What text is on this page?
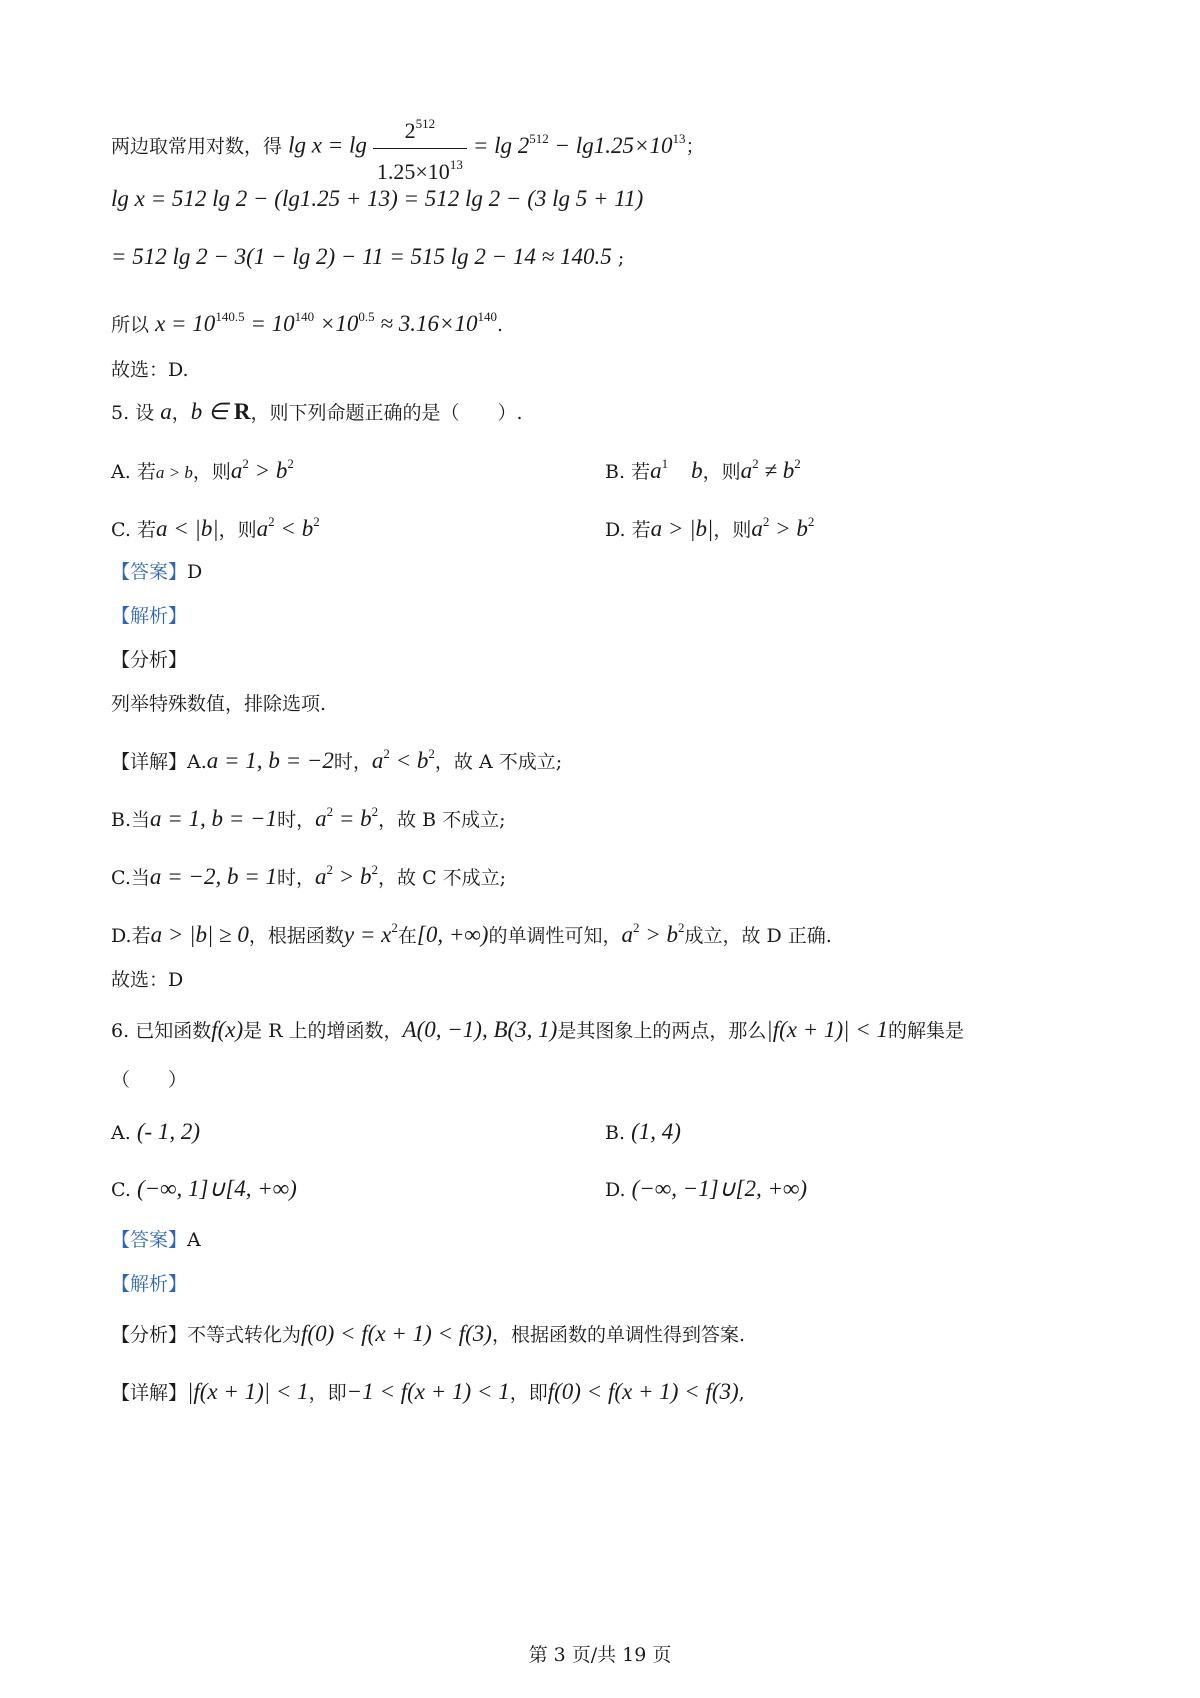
两边取常用对数，得 $\lg x = \lg \frac{2^{512}}{1.25\times 10^{13}} = \lg 2^{512} - \lg 1.25\times 10^{13}$；
lg x = 512 lg 2 − (lg1.25 + 13) = 512 lg 2 − (3 lg 5 + 11)
= 512 lg 2 − 3(1 − lg 2) − 11 = 515 lg 2 − 14 ≈ 140.5 ;
所以 $x = 10^{140.5} = 10^{140} \times 10^{0.5} \approx 3.16\times 10^{140}$.
故选：D.
5. 设 a，b ∈ R，则下列命题正确的是（　　）.
A. 若a > b，则$a^2 > b^2$	B. 若$a^1$　 b，则$a^2 \ne b^2$
C. 若a < |b|，则$a^2 < b^2$	D. 若a > |b|，则$a^2 > b^2$
【答案】D
【解析】
【分析】
列举特殊数值，排除选项.
【详解】A.a = 1, b = −2时，$a^2 < b^2$，故 A 不成立;
B.当a = 1, b = −1时，$a^2 = b^2$，故 B 不成立;
C.当a = −2, b = 1时，$a^2 > b^2$，故 C 不成立;
D.若a > |b| ≥ 0，根据函数$y = x^2$在[0, +∞)的单调性可知，$a^2 > b^2$成立，故 D 正确.
故选：D
6. 已知函数f(x)是 R 上的增函数，A(0, −1), B(3, 1)是其图象上的两点，那么|f(x + 1)| < 1的解集是
（　　）
A. (- 1, 2)	B. (1, 4)
C. (−∞, 1]∪[4, +∞)	D. (−∞, −1]∪[2, +∞)
【答案】A
【解析】
【分析】不等式转化为f(0) < f(x + 1) < f(3)，根据函数的单调性得到答案.
【详解】|f(x + 1)| < 1，即−1 < f(x + 1) < 1，即f(0) < f(x + 1) < f(3),
第 3 页/共 19 页
